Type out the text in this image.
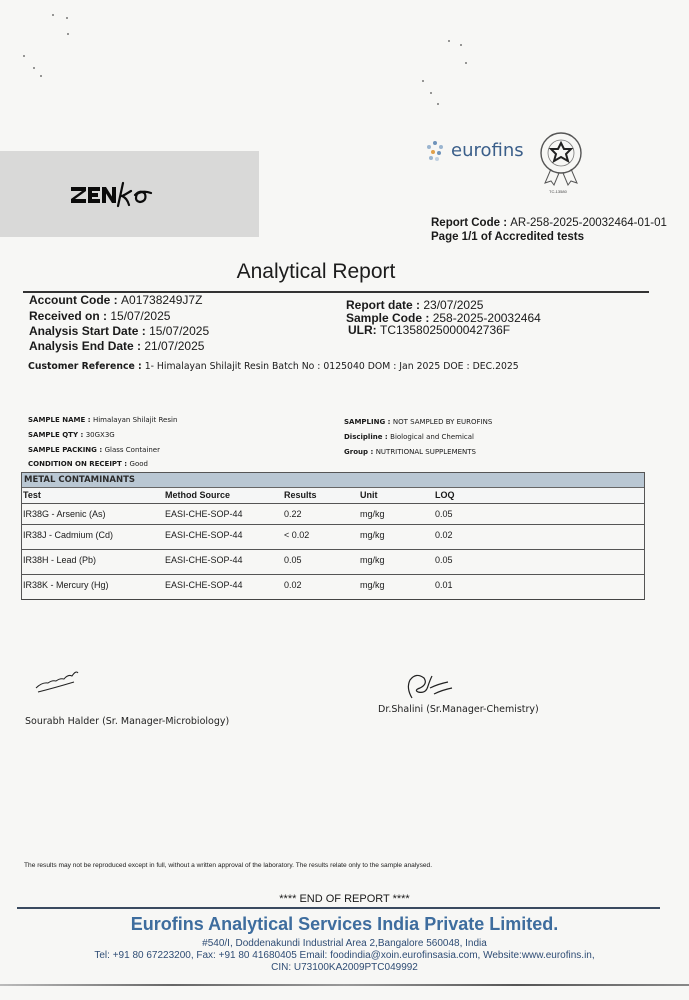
eurofins
TC-13580
Report Code : AR-258-2025-20032464-01-01
Page 1/1 of Accredited tests
Analytical Report
Account Code : A01738249J7Z
Received on : 15/07/2025
Analysis Start Date : 15/07/2025
Analysis End Date : 21/07/2025
Report date : 23/07/2025
Sample Code : 258-2025-20032464
ULR: TC1358025000042736F
Customer Reference : 1- Himalayan Shilajit Resin Batch No : 0125040 DOM : Jan 2025 DOE : DEC.2025
SAMPLE NAME : Himalayan Shilajit Resin
SAMPLE QTY : 30GX3G
SAMPLE PACKING : Glass Container
CONDITION ON RECEIPT : Good
SAMPLING : NOT SAMPLED BY EUROFINS
Discipline : Biological and Chemical
Group : NUTRITIONAL SUPPLEMENTS
METAL CONTAMINANTS
Test	Method Source	Results	Unit	LOQ
IR38G - Arsenic (As)	EASI-CHE-SOP-44	0.22	mg/kg	0.05
IR38J - Cadmium (Cd)	EASI-CHE-SOP-44	< 0.02	mg/kg	0.02
IR38H - Lead (Pb)	EASI-CHE-SOP-44	0.05	mg/kg	0.05
IR38K - Mercury (Hg)	EASI-CHE-SOP-44	0.02	mg/kg	0.01
Sourabh Halder (Sr. Manager-Microbiology)
Dr.Shalini (Sr.Manager-Chemistry)
The results may not be reproduced except in full, without a written approval of the laboratory. The results relate only to the sample analysed.
**** END OF REPORT ****
Eurofins Analytical Services India Private Limited.
#540/I, Doddenakundi Industrial Area 2,Bangalore 560048, India
Tel: +91 80 67223200, Fax: +91 80 41680405 Email: foodindia@xoin.eurofinsasia.com, Website:www.eurofins.in,
CIN: U73100KA2009PTC049992
